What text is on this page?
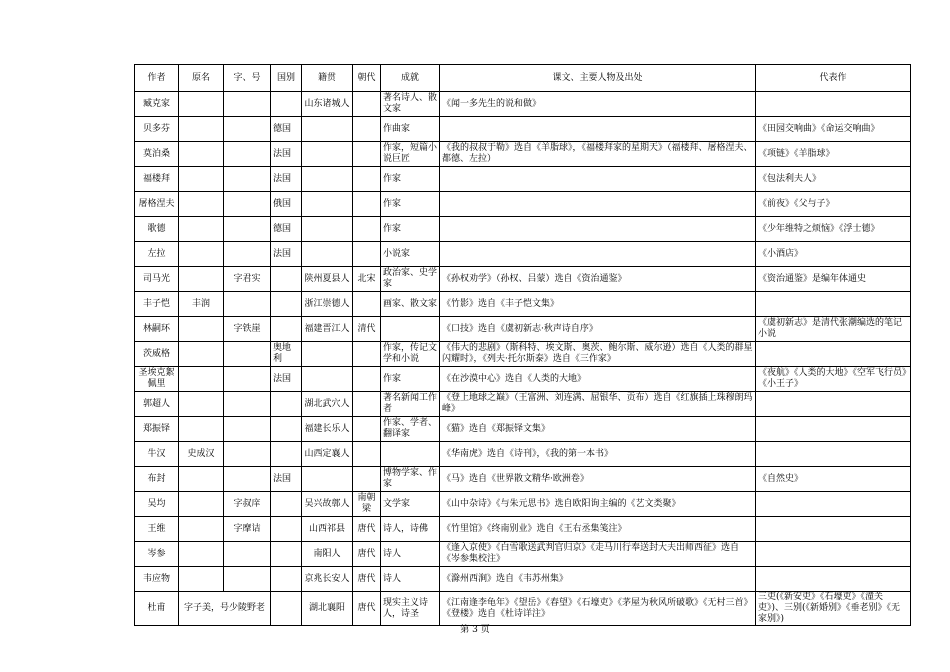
作者	原名	字、号	国别	籍贯	朝代	成就	课文、主要人物及出处	代表作
臧克家				山东诸城人		著名诗人、散文家	《闻一多先生的说和做》	
贝多芬			德国			作曲家		《田园交响曲》《命运交响曲》
莫泊桑			法国			作家，短篇小说巨匠	《我的叔叔于勒》选自《羊脂球》，《福楼拜家的星期天》（福楼拜、屠格涅夫、都德、左拉）	《项链》《羊脂球》
福楼拜			法国			作家		《包法利夫人》
屠格涅夫			俄国			作家		《前夜》《父与子》
歌德			德国			作家		《少年维特之烦恼》《浮士德》
左拉			法国			小说家		《小酒店》
司马光		字君实		陕州夏县人	北宋	政治家、史学家	《孙权劝学》（孙权、吕蒙）选自《资治通鉴》	《资治通鉴》是编年体通史
丰子恺	丰润			浙江崇德人		画家、散文家	《竹影》选自《丰子恺文集》	
林嗣环		字铁崖		福建晋江人	清代		《口技》选自《虞初新志·秋声诗自序》	《虞初新志》是清代张潮编选的笔记小说
茨威格			奥地利			作家，传记文学和小说	《伟大的悲剧》（斯科特、埃文斯、奥茨、鲍尔斯、威尔逊）选自《人类的群星闪耀时》，《列夫·托尔斯泰》选自《三作家》	
圣埃克絮佩里			法国			作家	《在沙漠中心》选自《人类的大地》	《夜航》《人类的大地》《空军飞行员》《小王子》
郭超人				湖北武穴人		著名新闻工作者	《登上地球之巅》（王富洲、刘连满、屈银华、贡布）选自《红旗插上珠穆朗玛峰》	
郑振铎				福建长乐人		作家、学者、翻译家	《猫》选自《郑振铎文集》	
牛汉	史成汉			山西定襄人			《华南虎》选自《诗刊》，《我的第一本书》	
布封			法国			博物学家、作家	《马》选自《世界散文精华·欧洲卷》	《自然史》
吴均		字叔庠		吴兴故鄣人	南朝梁	文学家	《山中杂诗》《与朱元思书》选自欧阳询主编的《艺文类聚》	
王维		字摩诘		山西祁县	唐代	诗人，诗佛	《竹里馆》《终南别业》选自《王右丞集笺注》	
岑参				南阳人	唐代	诗人	《逢入京使》《白雪歌送武判官归京》《走马川行奉送封大夫出师西征》选自《岑参集校注》	
韦应物				京兆长安人	唐代	诗人	《滁州西涧》选自《韦苏州集》	
杜甫	字子美，号少陵野老			湖北襄阳	唐代	现实主义诗人，诗圣	《江南逢李龟年》《望岳》《春望》《石壕吏》《茅屋为秋风所破歌》《无村三首》《登楼》选自《杜诗详注》	三吏(《新安吏》《石壕吏》《潼关吏》)、三别(《新婚别》《垂老别》《无家别》)
第 3 页
